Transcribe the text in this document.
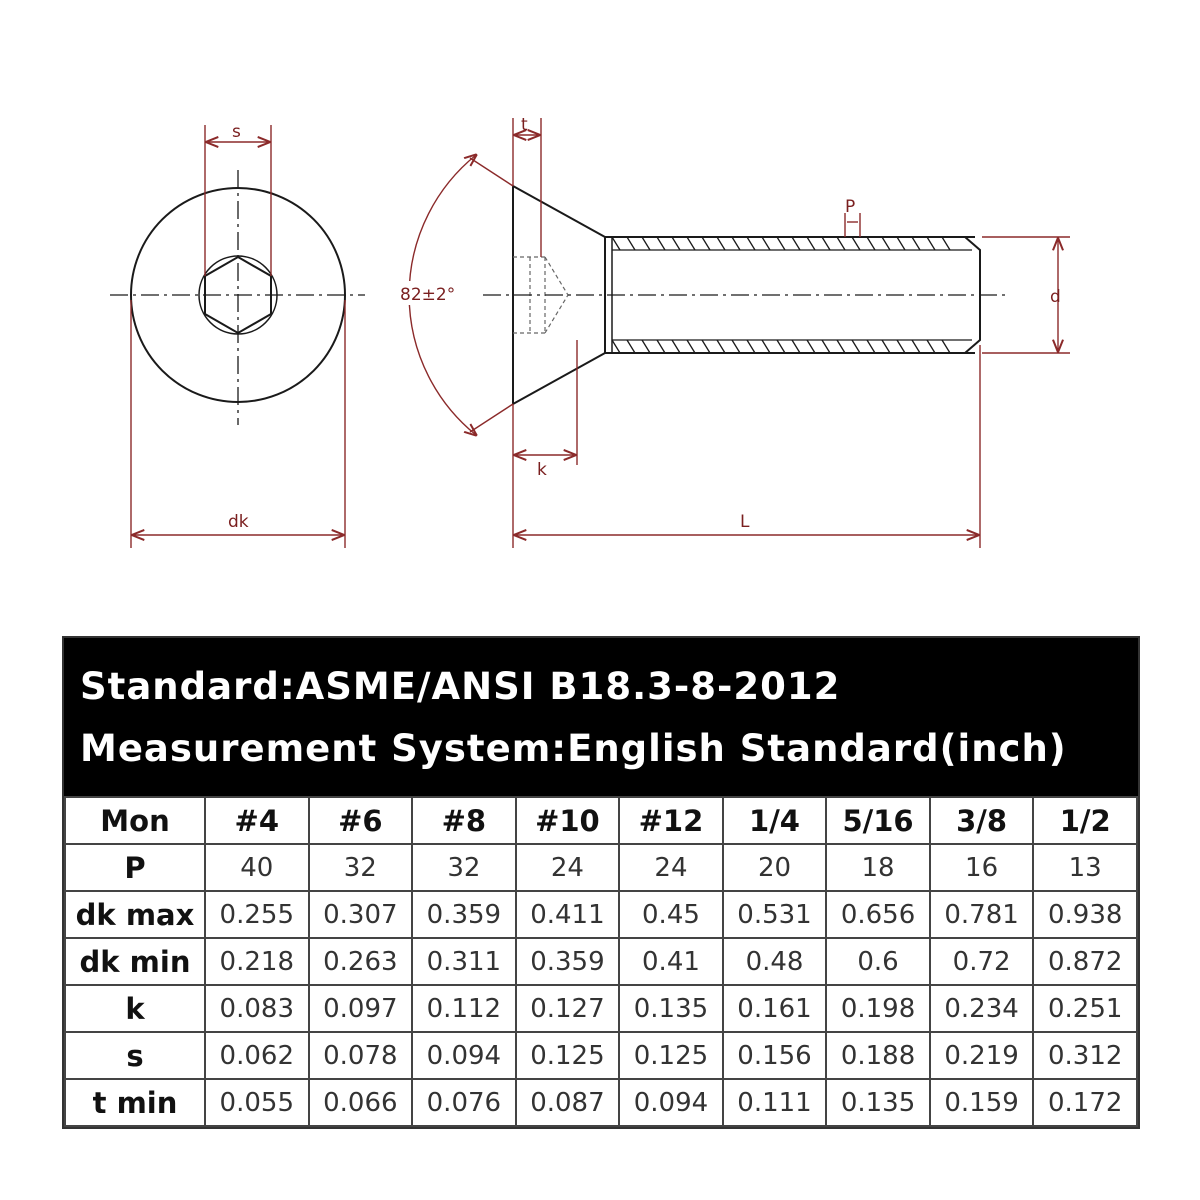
s
dk
t
82±2°
k
P
d
L
Standard:ASME/ANSI B18.3-8-2012
Measurement System:English Standard(inch)
Mon	#4	#6	#8	#10	#12	1/4	5/16	3/8	1/2
P	40	32	32	24	24	20	18	16	13
dk max	0.255	0.307	0.359	0.411	0.45	0.531	0.656	0.781	0.938
dk min	0.218	0.263	0.311	0.359	0.41	0.48	0.6	0.72	0.872
k	0.083	0.097	0.112	0.127	0.135	0.161	0.198	0.234	0.251
s	0.062	0.078	0.094	0.125	0.125	0.156	0.188	0.219	0.312
t min	0.055	0.066	0.076	0.087	0.094	0.111	0.135	0.159	0.172
